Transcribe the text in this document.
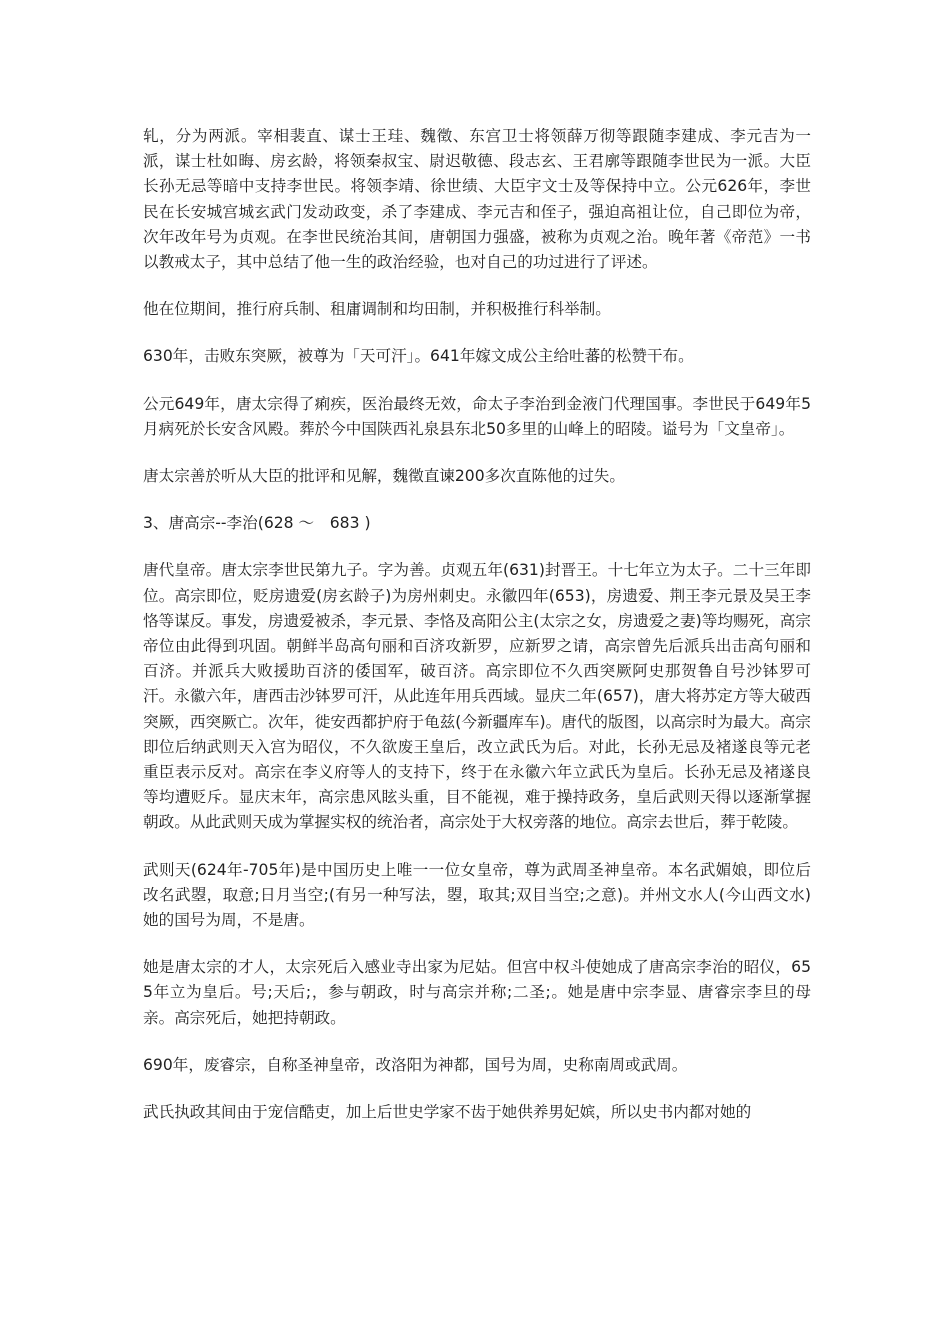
轧，分为两派。宰相裴直、谋士王珪、魏徵、东宫卫士将领薛万彻等跟随李建成、李元吉为一派，谋士杜如晦、房玄龄，将领秦叔宝、尉迟敬德、段志玄、王君廓等跟随李世民为一派。大臣长孙无忌等暗中支持李世民。将领李靖、徐世绩、大臣宇文士及等保持中立。公元626年，李世民在长安城宫城玄武门发动政变，杀了李建成、李元吉和侄子，强迫高祖让位，自己即位为帝，次年改年号为贞观。在李世民统治其间，唐朝国力强盛，被称为贞观之治。晚年著《帝范》一书以教戒太子，其中总结了他一生的政治经验，也对自己的功过进行了评述。

他在位期间，推行府兵制、租庸调制和均田制，并积极推行科举制。

630年，击败东突厥，被尊为「天可汗」。641年嫁文成公主给吐蕃的松赞干布。

公元649年，唐太宗得了痢疾，医治最终无效，命太子李治到金液门代理国事。李世民于649年5月病死於长安含风殿。葬於今中国陕西礼泉县东北50多里的山峰上的昭陵。谥号为「文皇帝」。

唐太宗善於听从大臣的批评和见解，魏徵直谏200多次直陈他的过失。

3、唐高宗--李治(628 ～　683 )

唐代皇帝。唐太宗李世民第九子。字为善。贞观五年(631)封晋王。十七年立为太子。二十三年即位。高宗即位，贬房遗爱(房玄龄子)为房州刺史。永徽四年(653)，房遗爱、荆王李元景及吴王李恪等谋反。事发，房遗爱被杀，李元景、李恪及高阳公主(太宗之女，房遗爱之妻)等均赐死，高宗帝位由此得到巩固。朝鲜半岛高句丽和百济攻新罗，应新罗之请，高宗曾先后派兵出击高句丽和百济。并派兵大败援助百济的倭国军，破百济。高宗即位不久西突厥阿史那贺鲁自号沙钵罗可汗。永徽六年，唐西击沙钵罗可汗，从此连年用兵西域。显庆二年(657)，唐大将苏定方等大破西突厥，西突厥亡。次年，徙安西都护府于龟兹(今新疆库车)。唐代的版图，以高宗时为最大。高宗即位后纳武则天入宫为昭仪，不久欲废王皇后，改立武氏为后。对此，长孙无忌及褚遂良等元老重臣表示反对。高宗在李义府等人的支持下，终于在永徽六年立武氏为皇后。长孙无忌及褚遂良等均遭贬斥。显庆末年，高宗患风眩头重，目不能视，难于操持政务，皇后武则天得以逐渐掌握朝政。从此武则天成为掌握实权的统治者，高宗处于大权旁落的地位。高宗去世后，葬于乾陵。

武则天(624年-705年)是中国历史上唯一一位女皇帝，尊为武周圣神皇帝。本名武媚娘，即位后改名武曌，取意;日月当空;(有另一种写法，曌，取其;双目当空;之意)。并州文水人(今山西文水)她的国号为周，不是唐。

她是唐太宗的才人，太宗死后入感业寺出家为尼姑。但宫中权斗使她成了唐高宗李治的昭仪，655年立为皇后。号;天后;，参与朝政，时与高宗并称;二圣;。她是唐中宗李显、唐睿宗李旦的母亲。高宗死后，她把持朝政。

690年，废睿宗，自称圣神皇帝，改洛阳为神都，国号为周，史称南周或武周。

武氏执政其间由于宠信酷吏，加上后世史学家不齿于她供养男妃嫔，所以史书内都对她的
